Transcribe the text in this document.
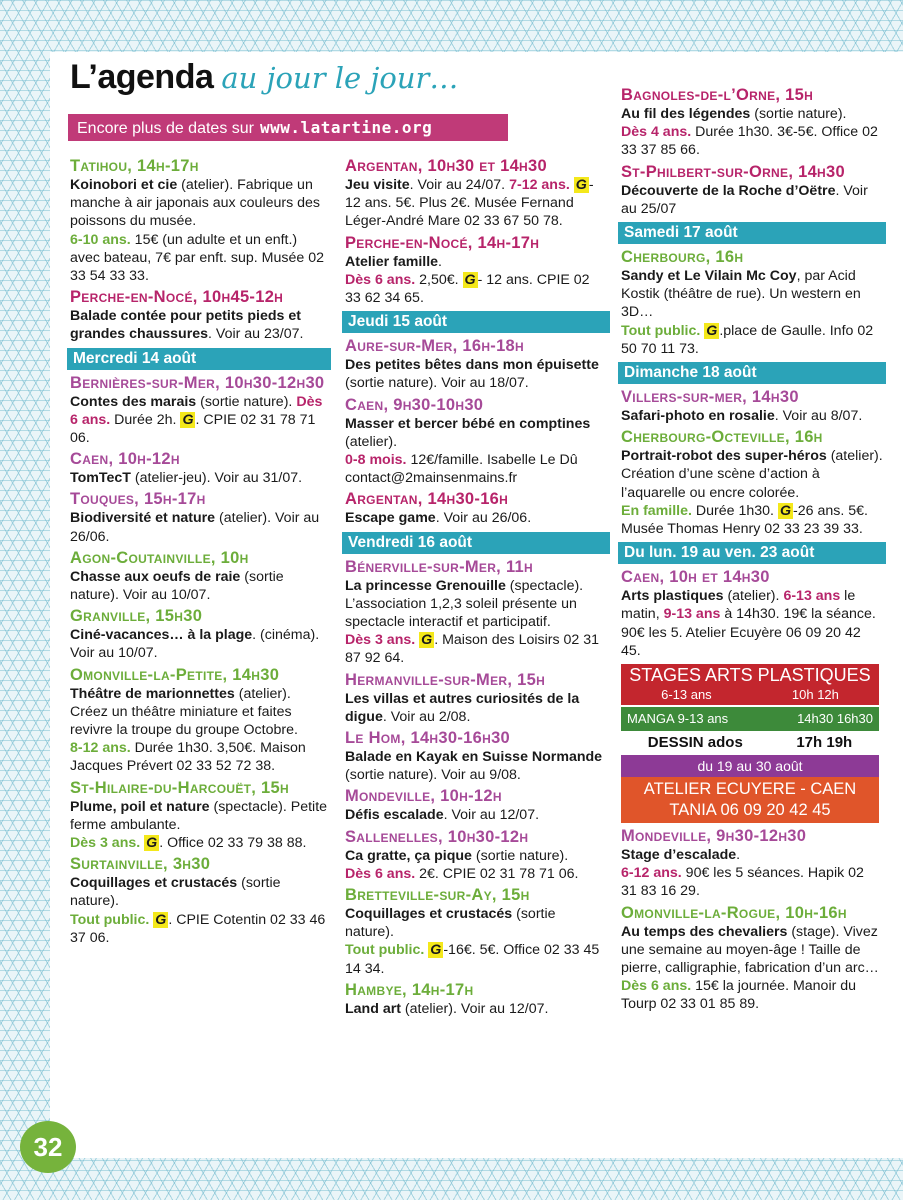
L’agenda au jour le jour…
Encore plus de dates sur www.latartine.org
Tatihou, 14h-17h
Koinobori et cie (atelier). Fabrique un manche à air japonais aux couleurs des poissons du musée.
6-10 ans. 15€ (un adulte et un enft.) avec bateau, 7€ par enft. sup. Musée 02 33 54 33 33.
Perche-en-Nocé, 10h45-12h
Balade contée pour petits pieds et grandes chaussures. Voir au 23/07.
Mercredi 14 août
Bernières-sur-Mer, 10h30-12h30
Contes des marais (sortie nature). Dès 6 ans. Durée 2h. G . CPIE 02 31 78 71 06.
Caen, 10h-12h
TomTecT (atelier-jeu). Voir au 31/07.
Touques, 15h-17h
Biodiversité et nature (atelier). Voir au 26/06.
Agon-Coutainville, 10h
Chasse aux oeufs de raie (sortie nature). Voir au 10/07.
Granville, 15h30
Ciné-vacances… à la plage. (cinéma). Voir au 10/07.
Omonville-la-Petite, 14h30
Théâtre de marionnettes (atelier). Créez un théâtre miniature et faites revivre la troupe du groupe Octobre.
8-12 ans. Durée 1h30. 3,50€. Maison Jacques Prévert 02 33 52 72 38.
St-Hilaire-du-Harcouët, 15h
Plume, poil et nature (spectacle). Petite ferme ambulante.
Dès 3 ans. G . Office 02 33 79 38 88.
Surtainville, 3h30
Coquillages et crustacés (sortie nature).
Tout public. G . CPIE Cotentin 02 33 46 37 06.
Argentan, 10h30 et 14h30
Jeu visite. Voir au 24/07. 7-12 ans. G -12 ans. 5€. Plus 2€. Musée Fernand Léger-André Mare 02 33 67 50 78.
Perche-en-Nocé, 14h-17h
Atelier famille.
Dès 6 ans. 2,50€. G - 12 ans. CPIE 02 33 62 34 65.
Jeudi 15 août
Aure-sur-Mer, 16h-18h
Des petites bêtes dans mon épuisette (sortie nature). Voir au 18/07.
Caen, 9h30-10h30
Masser et bercer bébé en comptines (atelier).
0-8 mois. 12€/famille. Isabelle Le Dû contact@2mainsenmains.fr
Argentan, 14h30-16h
Escape game. Voir au 26/06.
Vendredi 16 août
Bénerville-sur-Mer, 11h
La princesse Grenouille (spectacle). L’association 1,2,3 soleil présente un spectacle interactif et participatif.
Dès 3 ans. G . Maison des Loisirs 02 31 87 92 64.
Hermanville-sur-Mer, 15h
Les villas et autres curiosités de la digue. Voir au 2/08.
Le Hom, 14h30-16h30
Balade en Kayak en Suisse Normande (sortie nature). Voir au 9/08.
Mondeville, 10h-12h
Défis escalade. Voir au 12/07.
Sallenelles, 10h30-12h
Ca gratte, ça pique (sortie nature).
Dès 6 ans. 2€. CPIE 02 31 78 71 06.
Bretteville-sur-Ay, 15h
Coquillages et crustacés (sortie nature).
Tout public. G -16€. 5€. Office 02 33 45 14 34.
Hambye, 14h-17h
Land art (atelier). Voir au 12/07.
Bagnoles-de-l’Orne, 15h
Au fil des légendes (sortie nature).
Dès 4 ans. Durée 1h30. 3€-5€. Office 02 33 37 85 66.
St-Philbert-sur-Orne, 14h30
Découverte de la Roche d’Oëtre. Voir au 25/07
Samedi 17 août
Cherbourg, 16h
Sandy et Le Vilain Mc Coy, par Acid Kostik (théâtre de rue). Un western en 3D…
Tout public. G .place de Gaulle. Info 02 50 70 11 73.
Dimanche 18 août
Villers-sur-mer, 14h30
Safari-photo en rosalie. Voir au 8/07.
Cherbourg-Octeville, 16h
Portrait-robot des super-héros (atelier). Création d’une scène d’action à l’aquarelle ou encre colorée.
En famille. Durée 1h30. G -26 ans. 5€. Musée Thomas Henry 02 33 23 39 33.
Du lun. 19 au ven. 23 août
Caen, 10h et 14h30
Arts plastiques (atelier). 6-13 ans le matin, 9-13 ans à 14h30. 19€ la séance. 90€ les 5. Atelier Ecuyère 06 09 20 42 45.
STAGES ARTS PLASTIQUES
6-13 ans	10h 12h
MANGA 9-13 ans	14h30 16h30
DESSIN ados	17h 19h
du 19 au 30 août
ATELIER ECUYERE - CAEN
TANIA 06 09 20 42 45
Mondeville, 9h30-12h30
Stage d’escalade.
6-12 ans. 90€ les 5 séances. Hapik 02 31 83 16 29.
Omonville-la-Rogue, 10h-16h
Au temps des chevaliers (stage). Vivez une semaine au moyen-âge ! Taille de pierre, calligraphie, fabrication d’un arc…
Dès 6 ans. 15€ la journée. Manoir du Tourp 02 33 01 85 89.
32
